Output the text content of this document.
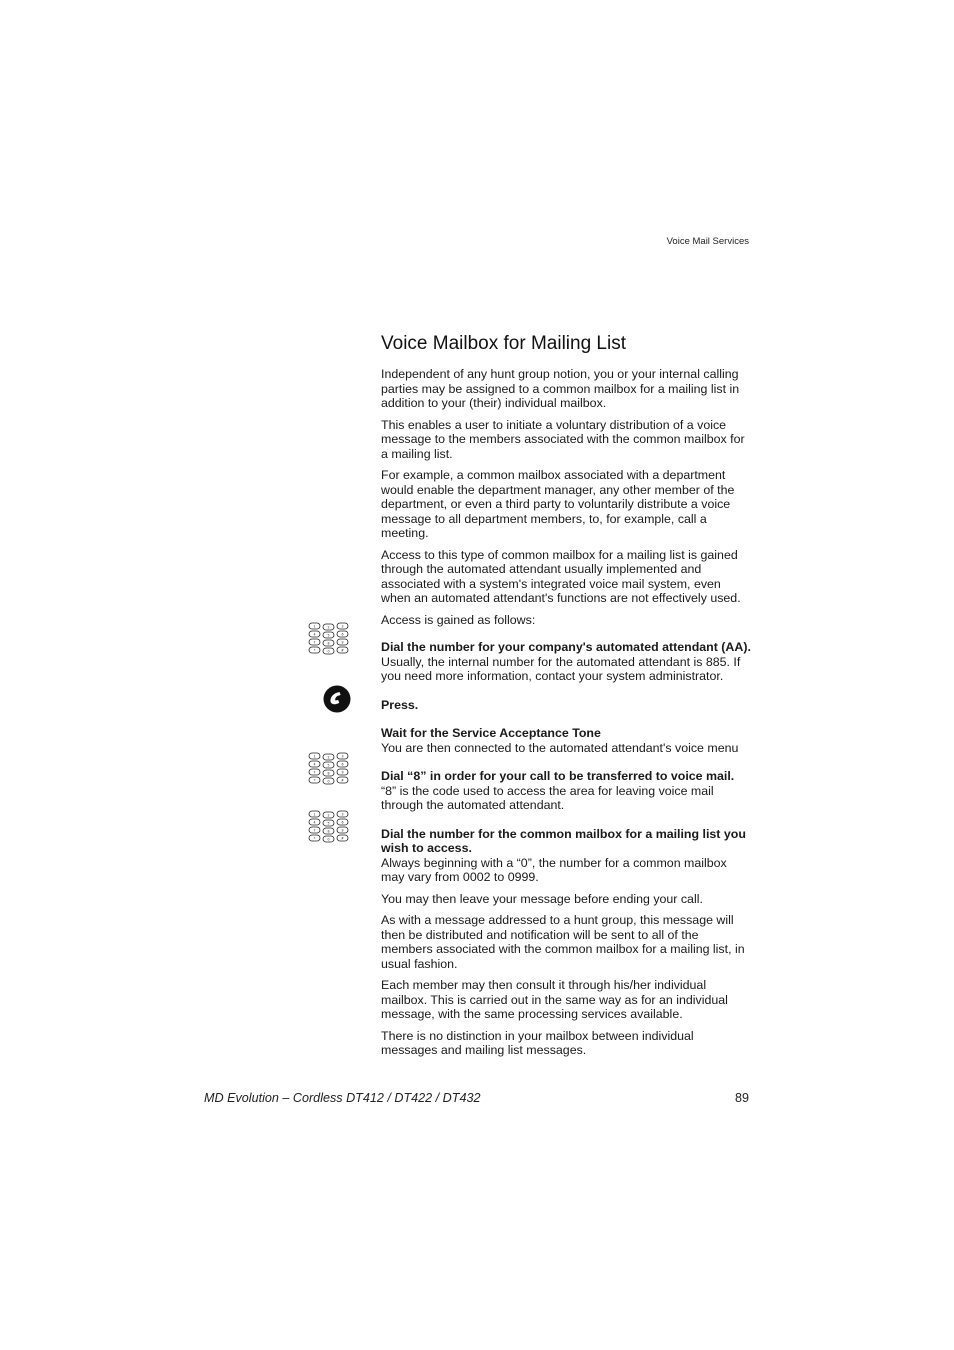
Voice Mail Services
Voice Mailbox for Mailing List

Independent of any hunt group notion, you or your internal calling parties may be assigned to a common mailbox for a mailing list in addition to your (their) individual mailbox.

This enables a user to initiate a voluntary distribution of a voice message to the members associated with the common mailbox for a mailing list.

For example, a common mailbox associated with a department would enable the department manager, any other member of the department, or even a third party to voluntarily distribute a voice message to all department members, to, for example, call a meeting.

Access to this type of common mailbox for a mailing list is gained through the automated attendant usually implemented and associated with a system's integrated voice mail system, even when an automated attendant's functions are not effectively used.

Access is gained as follows:

1	2	3
4	5	6
7	8	9
*	0	#	Dial the number for your company's automated attendant (AA).
Usually, the internal number for the automated attendant is 885. If you need more information, contact your system administrator.
Press.
Wait for the Service Acceptance Tone
You are then connected to the automated attendant's voice menu
1	2	3
4	5	6
7	8	9
*	0	#	Dial “8” in order for your call to be transferred to voice mail.
“8” is the code used to access the area for leaving voice mail through the automated attendant.
1	2	3
4	5	6
7	8	9
*	0	#	Dial the number for the common mailbox for a mailing list you wish to access.
Always beginning with a “0”, the number for a common mailbox may vary from 0002 to 0999.

You may then leave your message before ending your call.

As with a message addressed to a hunt group, this message will then be distributed and notification will be sent to all of the members associated with the common mailbox for a mailing list, in usual fashion.

Each member may then consult it through his/her individual mailbox. This is carried out in the same way as for an individual message, with the same processing services available.

There is no distinction in your mailbox between individual messages and mailing list messages.

MD Evolution – Cordless DT412 / DT422 / DT432	89
